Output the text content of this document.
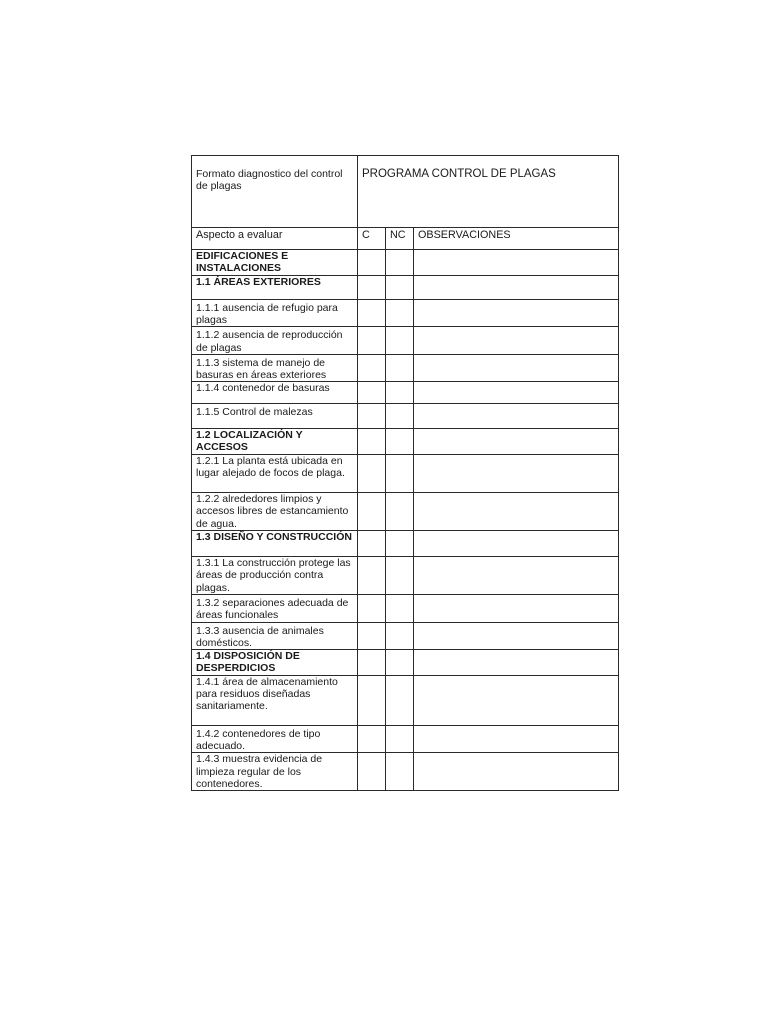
Formato diagnostico del control de plagas	PROGRAMA CONTROL DE PLAGAS		
Aspecto a evaluar	C	NC	OBSERVACIONES
EDIFICACIONES E INSTALACIONES			
1.1 ÁREAS EXTERIORES			
1.1.1 ausencia de refugio para plagas			
1.1.2 ausencia de reproducción de plagas			
1.1.3 sistema de manejo de basuras en áreas exteriores			
1.1.4 contenedor de basuras			
1.1.5 Control de malezas			
1.2 LOCALIZACIÓN Y ACCESOS			
1.2.1 La planta está ubicada en lugar alejado de focos de plaga.			
1.2.2 alrededores limpios y accesos libres de estancamiento de agua.			
1.3 DISEÑO Y CONSTRUCCIÓN			
1.3.1 La construcción protege las áreas de producción contra plagas.			
1.3.2 separaciones adecuada de áreas funcionales			
1.3.3 ausencia de animales domésticos.			
1.4 DISPOSICIÓN DE DESPERDICIOS			
1.4.1 área de almacenamiento para residuos diseñadas sanitariamente.			
1.4.2 contenedores de tipo adecuado.			
1.4.3 muestra evidencia de limpieza regular de los contenedores.			
